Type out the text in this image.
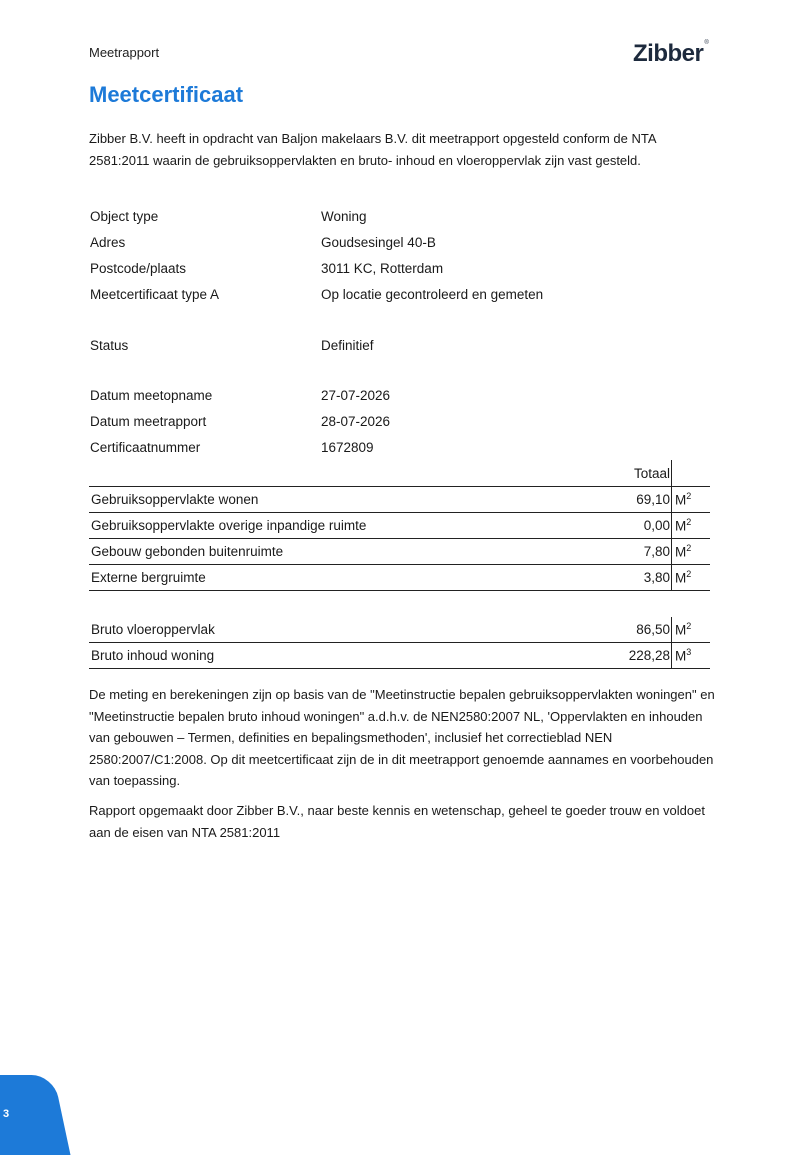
Meetrapport	Zibber®
Meetcertificaat

Zibber B.V. heeft in opdracht van Baljon makelaars B.V. dit meetrapport opgesteld conform de NTA 2581:2011 waarin de gebruiksoppervlakten en bruto- inhoud en vloeroppervlak zijn vast gesteld.

Object type	Woning
Adres	Goudsesingel 40-B
Postcode/plaats	3011 KC, Rotterdam
Meetcertificaat type A	Op locatie gecontroleerd en gemeten
Status	Definitief
Datum meetopname	27-07-2026
Datum meetrapport	28-07-2026
Certificaatnummer	1672809
Totaal
Gebruiksoppervlakte wonen	69,10 $M^2$
Gebruiksoppervlakte overige inpandige ruimte	0,00 $M^2$
Gebouw gebonden buitenruimte	7,80 $M^2$
Externe bergruimte	3,80 $M^2$
Bruto vloeroppervlak	86,50 $M^2$
Bruto inhoud woning	228,28 $M^3$

De meting en berekeningen zijn op basis van de "Meetinstructie bepalen gebruiksoppervlakten woningen" en "Meetinstructie bepalen bruto inhoud woningen" a.d.h.v. de NEN2580:2007 NL, 'Oppervlakten en inhouden van gebouwen – Termen, definities en bepalingsmethoden', inclusief het correctieblad NEN 2580:2007/C1:2008. Op dit meetcertificaat zijn de in dit meetrapport genoemde aannames en voorbehouden van toepassing.

Rapport opgemaakt door Zibber B.V., naar beste kennis en wetenschap, geheel te goeder trouw en voldoet aan de eisen van NTA 2581:2011

3
